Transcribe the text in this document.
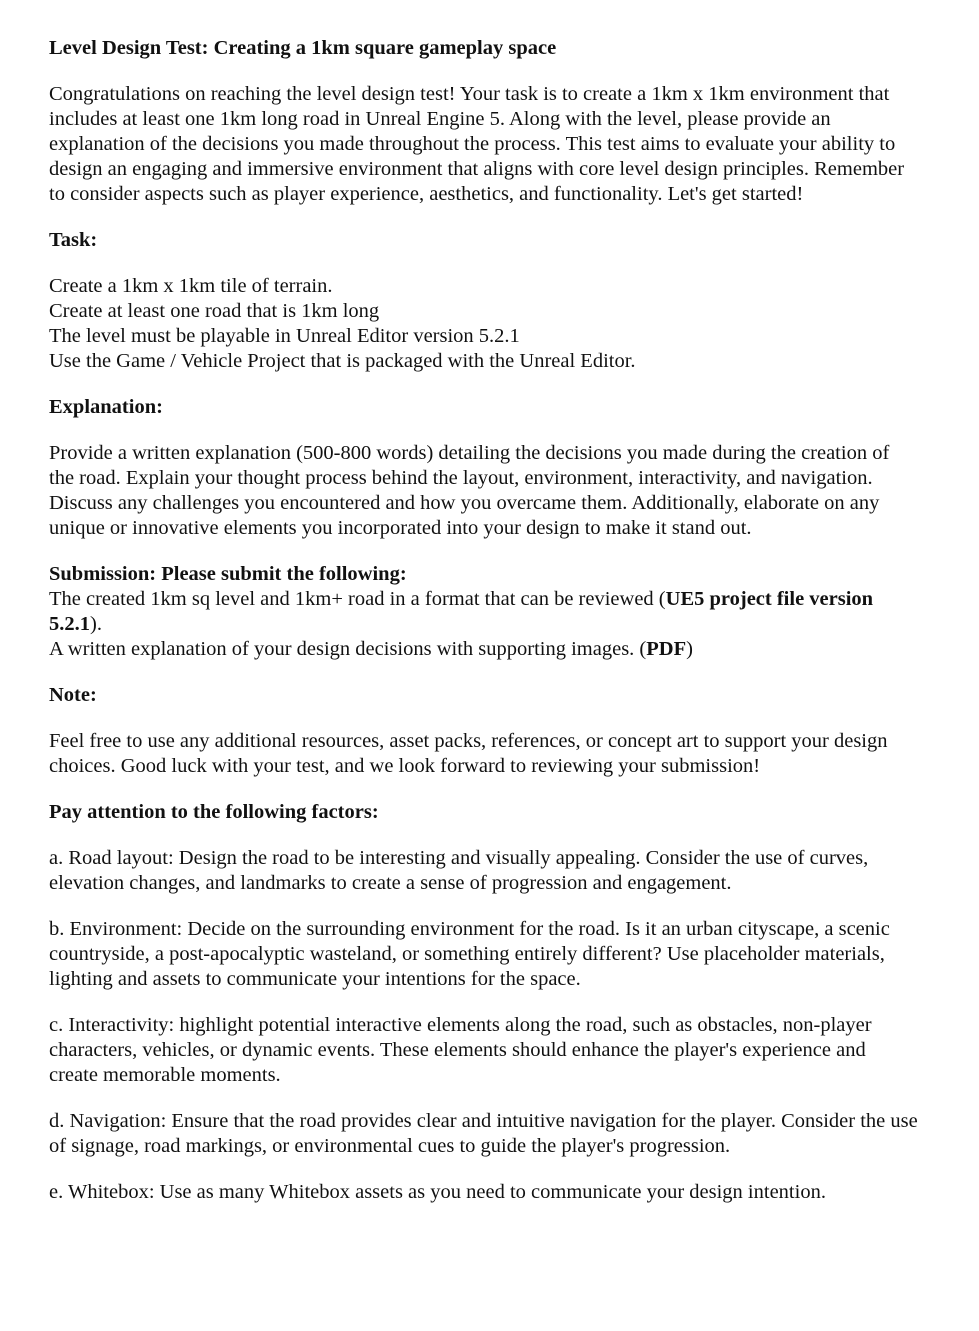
Level Design Test: Creating a 1km square gameplay space

Congratulations on reaching the level design test! Your task is to create a 1km x 1km environment that includes at least one 1km long road in Unreal Engine 5. Along with the level, please provide an explanation of the decisions you made throughout the process. This test aims to evaluate your ability to design an engaging and immersive environment that aligns with core level design principles. Remember to consider aspects such as player experience, aesthetics, and functionality. Let's get started!

Task:

Create a 1km x 1km tile of terrain.
Create at least one road that is 1km long
The level must be playable in Unreal Editor version 5.2.1
Use the Game / Vehicle Project that is packaged with the Unreal Editor.

Explanation:

Provide a written explanation (500-800 words) detailing the decisions you made during the creation of the road. Explain your thought process behind the layout, environment, interactivity, and navigation. Discuss any challenges you encountered and how you overcame them. Additionally, elaborate on any unique or innovative elements you incorporated into your design to make it stand out.

Submission: Please submit the following:
The created 1km sq level and 1km+ road in a format that can be reviewed (UE5 project file version 5.2.1).
A written explanation of your design decisions with supporting images. (PDF)

Note:

Feel free to use any additional resources, asset packs, references, or concept art to support your design choices. Good luck with your test, and we look forward to reviewing your submission!

Pay attention to the following factors:

a. Road layout: Design the road to be interesting and visually appealing. Consider the use of curves, elevation changes, and landmarks to create a sense of progression and engagement.

b. Environment: Decide on the surrounding environment for the road. Is it an urban cityscape, a scenic countryside, a post-apocalyptic wasteland, or something entirely different? Use placeholder materials, lighting and assets to communicate your intentions for the space.

c. Interactivity: highlight potential interactive elements along the road, such as obstacles, non-player characters, vehicles, or dynamic events. These elements should enhance the player's experience and create memorable moments.

d. Navigation: Ensure that the road provides clear and intuitive navigation for the player. Consider the use of signage, road markings, or environmental cues to guide the player's progression.

e. Whitebox: Use as many Whitebox assets as you need to communicate your design intention.
